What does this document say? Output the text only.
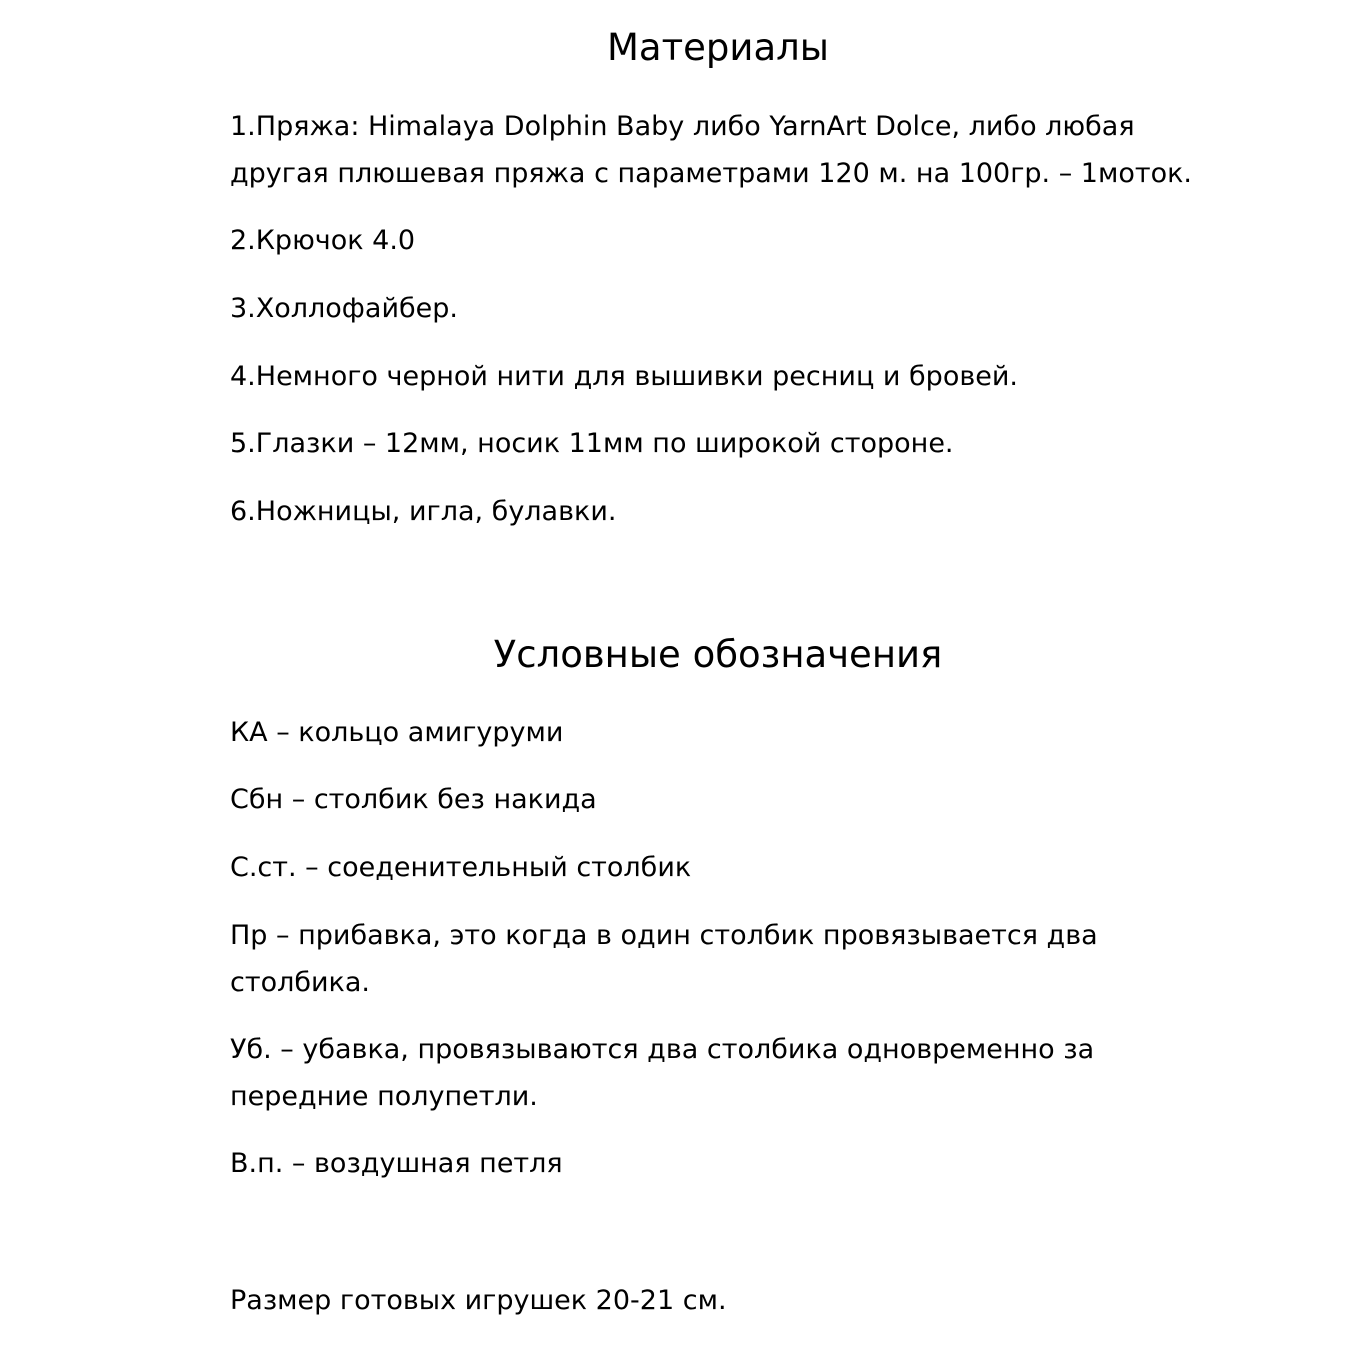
Материалы

1.Пряжа: Himalaya Dolphin Baby либо YarnArt Dolce, либо любая
другая плюшевая пряжа с параметрами 120 м. на 100гр. – 1моток.

2.Крючок 4.0

3.Холлофайбер.

4.Немного черной нити для вышивки ресниц и бровей.

5.Глазки – 12мм, носик 11мм по широкой стороне.

6.Ножницы, игла, булавки.

Условные обозначения

КА – кольцо амигуруми

Сбн – столбик без накида

С.ст. – соеденительный столбик

Пр – прибавка, это когда в один столбик провязывается два
столбика.

Уб. – убавка, провязываются два столбика одновременно за
передние полупетли.

В.п. – воздушная петля

Размер готовых игрушек 20-21 см.
